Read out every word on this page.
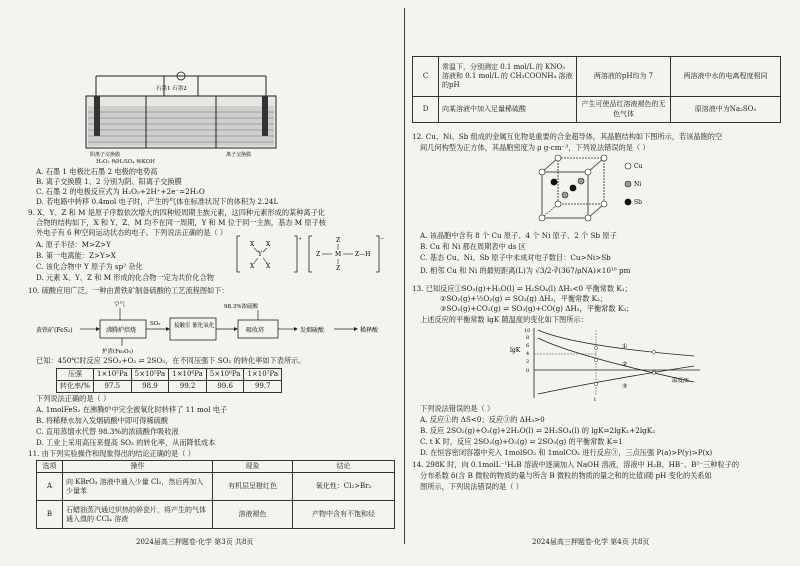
石墨1 石墨2
阴离子交换膜	离子交换膜
H₂O₂ 稀H₂SO₄ 稀KOH
A. 石墨 1 电极比石墨 2 电极的电势高
B. 离子交换膜 1、2 分别为阴、阳离子交换膜
C. 石墨 2 的电极反应式为 H₂O₂+2H⁺+2e⁻=2H₂O
D. 若电路中转移 0.4mol 电子时，产生的气体在标准状况下的体积为 2.24L
9. X、Y、Z 和 M 是原子序数依次增大的四种短周期主族元素，这四种元素形成的某种离子化
合物的结构如下，X 和 Y、Z、M 均不在同一周期，Y 和 M 位于同一主族，基态 M 原子核
外电子有 6 种空间运动状态的电子。下列说法正确的是（ ）
A. 原子半径：M>Z>Y
B. 第一电离能：Z>Y>X
C. 该化合物中 Y 原子为 sp² 杂化
D. 元素 X、Y、Z 和 M 形成的化合物一定为共价化合物
X X
Y
X X
+
Z M
Z
Z
Z—H
−
10. 硫酸应用广泛，一种由黄铁矿制备硫酸的工艺流程图如下：
黄铁矿(FeS₂)
空气
沸腾炉焙烧
SO₂ 接触室 催化氧化
吸收塔
98.3%浓硫酸
发烟硫酸	稀释酸
炉渣(Fe₂O₃)
已知：450℃时反应 2SO₂+O₂ ⇌ 2SO₃，在不同压强下 SO₂ 的转化率如下表所示。
压强	1×10⁵Pa	5×10⁵Pa	1×10⁶Pa	5×10⁶Pa	1×10⁷Pa
转化率/%	97.5	98.9	99.2	99.6	99.7
下列说法正确的是（ ）
A. 1molFeS₂ 在沸腾炉中完全被氧化时转移了 11 mol 电子
B. 将稀释水加入发烟硫酸中即可得稀硫酸
C. 直用蒸馏水代替 98.3%的浓硫酸作吸收液
D. 工业上采用高压来提高 SO₂ 的转化率，从而降低成本
11. 由下列实验操作和现象得出的结论正确的是（ ）
选项	操作	现象	结论
A	向 KBrO₃ 溶液中通入少量 Cl₂，然后再加入少量苯	有机层呈橙红色	氧化性：Cl₂>Br₂
B	石蜡油蒸汽通过炽热的碎瓷片，将产生的气体通入溴的 CCl₄ 溶液	溶液褪色	产物中含有不饱和烃
2024届高三押题卷·化学 第3页 共8页
C	常温下，分别测定 0.1 mol/L 的 KNO₃ 溶液和 0.1 mol/L 的 CH₃COONH₄ 溶液的pH	两溶液的pH均为 7	两溶液中水的电离程度相同
D	向某溶液中加入足量稀硫酸	产生可使品红溶液褪色的无色气体	原溶液中为Na₂SO₃
12. Cu、Ni、Sb 组成的金属互化物是重要的合金超导体，其晶胞结构如下图所示，若该晶胞的空
间几何构型为正方体，其晶胞密度为 ρ g·cm⁻³，下列说法错误的是（ ）
Cu
Ni
Sb
A. 该晶胞中含有 8 个 Cu 原子、4 个 Ni 原子、2 个 Sb 原子
B. Cu 和 Ni 都在周期表中 ds 区
C. 基态 Cu、Ni、Sb 原子中未成对电子数目：Cu>Ni>Sb
D. 相邻 Cu 和 Ni 的最短距离(L)为 √3/2·∛(367/ρNA)×10¹⁰ pm
13. 已知反应①SO₃(g)+H₂O(l) ⇌ H₂SO₄(l) ΔH₁<0 平衡常数 K₁；
②SO₂(g)+½O₂(g) ⇌ SO₃(g) ΔH₂，平衡常数 K₂；
③SO₂(g)+CO₂(g) ⇌ SO₃(g)+CO(g) ΔH₃，平衡常数 K₃；
上述反应的平衡常数 lgK 随温度的变化如下图所示：
lgK
温度/K
10
8
6
4
2
0
t
①
②
③
下列说法错误的是（ ）
A. 反应①的 ΔS<0；反应③的 ΔH₃>0
B. 反应 2SO₂(g)+O₂(g)+2H₂O(l) ⇌ 2H₂SO₄(l) 的 lgK=2lgK₁+2lgK₂
C. t K 时，反应 2SO₂(g)+O₂(g) ⇌ 2SO₃(g) 的平衡常数 K=1
D. 在恒容密闭容器中充入 1molSO₂ 和 1molCO₂ 进行反应③，三点压强 P(a)>P(y)>P(x)
14. 298K 时，向 0.1molL⁻¹H₂B 溶液中逐滴加入 NaOH 溶液，溶液中 H₂B、HB⁻、B²⁻三种粒子的
分布系数 δ(含 B 微粒的物质的量与所含 B 微粒的物质的量之和的比值)随 pH 变化的关系如
图所示，下列说法错误的是（ ）
2024届高三押题卷·化学 第4页 共8页
